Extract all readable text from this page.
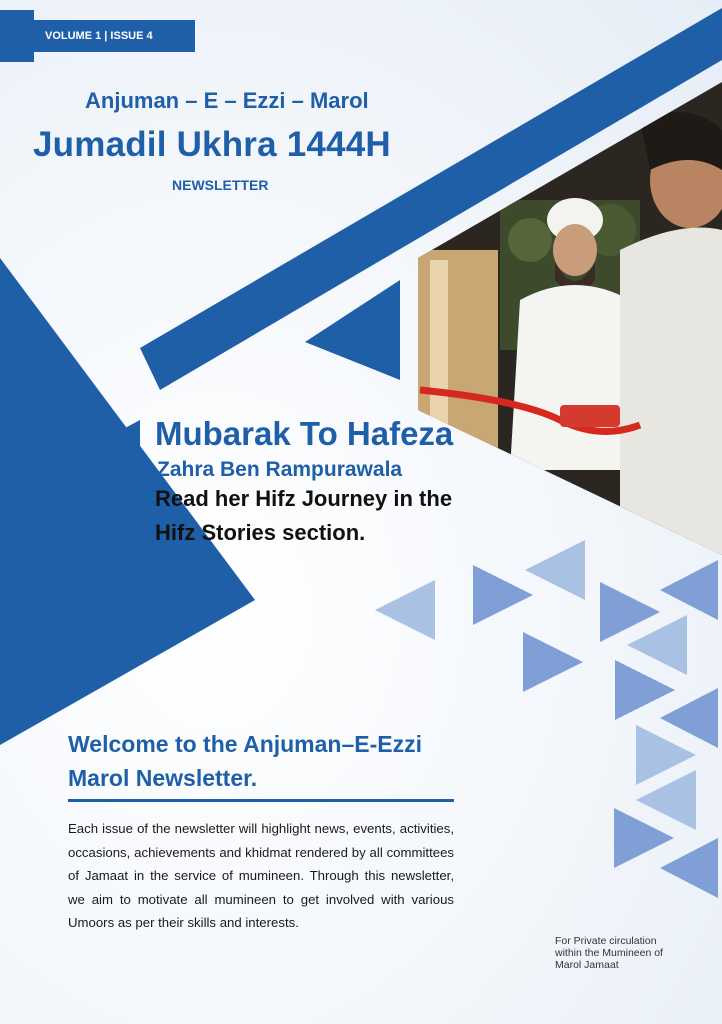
VOLUME 1 | ISSUE 4
Anjuman – E – Ezzi – Marol
Jumadil Ukhra 1444H
NEWSLETTER
Mubarak To Hafeza
Zahra Ben Rampurawala
Read her Hifz Journey in the
Hifz Stories section.
Welcome to the Anjuman–E-Ezzi
Marol Newsletter.
Each issue of the newsletter will highlight news, events, activities, occasions, achievements and khidmat rendered by all committees of Jamaat in the service of mumineen. Through this newsletter, we aim to motivate all mumineen to get involved with various Umoors as per their skills and interests.
For Private circulation within the Mumineen of Marol Jamaat
